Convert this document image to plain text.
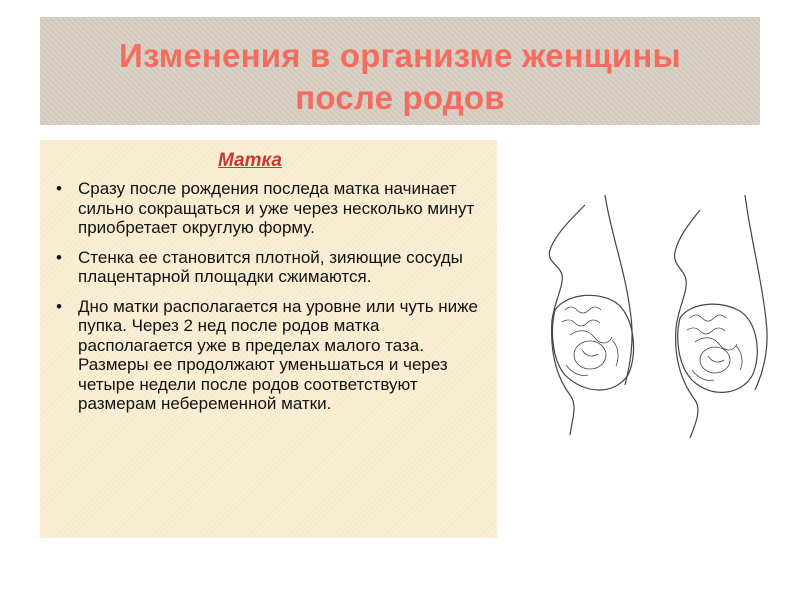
Изменения в организме женщины
после родов
Матка
• Сразу после рождения последа матка начинает сильно сокращаться и уже через несколько минут приобретает округлую форму.
• Стенка ее становится плотной, зияющие сосуды плацентарной площадки сжимаются.
• Дно матки располагается на уровне или чуть ниже пупка. Через 2 нед после родов матка располагается уже в пределах малого таза. Размеры ее продолжают уменьшаться и через четыре недели после родов соответствуют размерам небеременной матки.
